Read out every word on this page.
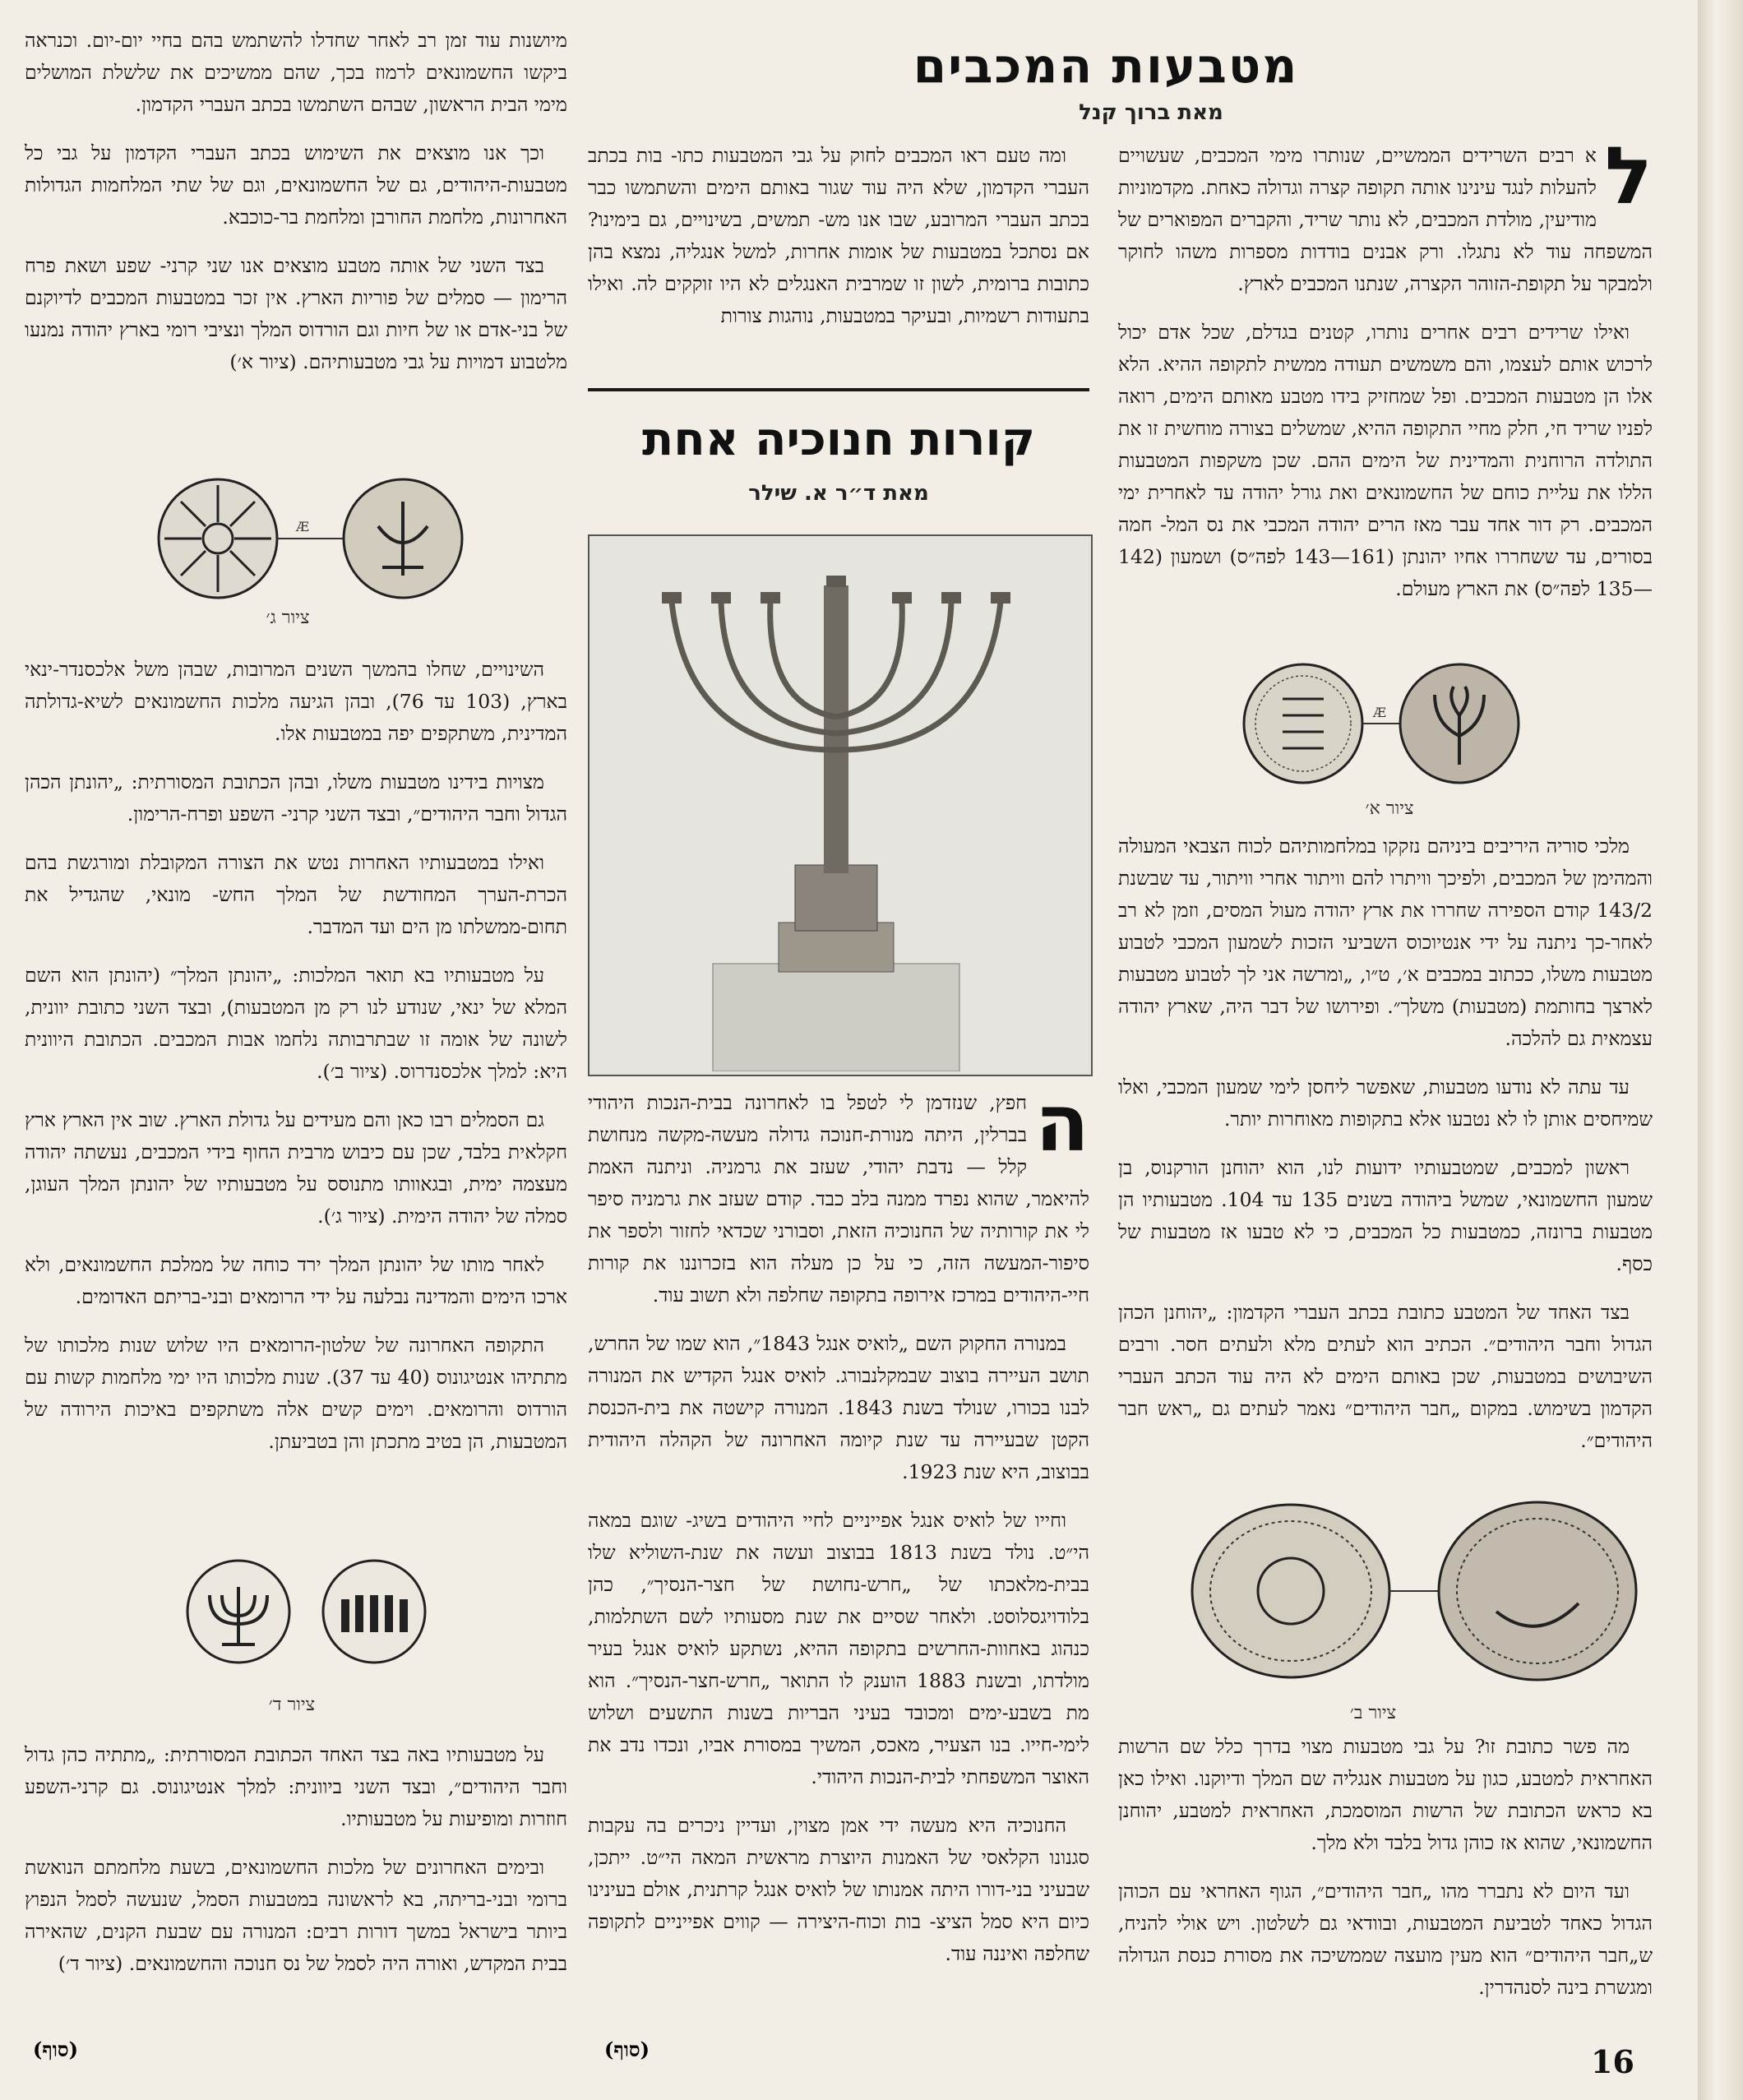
מטבעות המכבים
מאת ברוך קנל

ל
א רבים השרידים הממשיים, שנותרו מימי המכבים, שעשויים להעלות לנגד עינינו אותה תקופה קצרה וגדולה כאחת. מקדמוניות מודיעין, מולדת המכבים, לא נותר שריד, והקברים המפוארים של המשפחה עוד לא נתגלו. ורק אבנים בודדות מספרות משהו לחוקר ולמבקר על תקופת-הזוהר הקצרה, שנתנו המכבים לארץ.

ואילו שרידים רבים אחרים נותרו, קטנים בגדלם, שכל אדם יכול לרכוש אותם לעצמו, והם משמשים תעודה ממשית לתקופה ההיא. הלא אלו הן מטבעות המכבים. ופל שמחזיק בידו מטבע מאותם הימים, רואה לפניו שריד חי, חלק מחיי התקופה ההיא, שמשלים בצורה מוחשית זו את התולדה הרוחנית והמדינית של הימים ההם. שכן משקפות המטבעות הללו את עליית כוחם של החשמונאים ואת גורל יהודה עד לאחרית ימי המכבים. רק דור אחד עבר מאז הרים יהודה המכבי את נס המל- חמה בסורים, עד ששחררו אחיו יהונתן (161—143 לפה״ס) ושמעון (142—135 לפה״ס) את הארץ מעולם.

Æ
ציור א׳

מלכי סוריה היריבים ביניהם נזקקו במלחמותיהם לכוח הצבאי המעולה והמהימן של המכבים, ולפיכך וויתרו להם וויתור אחרי וויתור, עד שבשנת 143/2 קודם הספירה שחררו את ארץ יהודה מעול המסים, וזמן לא רב לאחר-כך ניתנה על ידי אנטיוכוס השביעי הזכות לשמעון המכבי לטבוע מטבעות משלו, ככתוב במכבים א׳, ט״ו, „ומרשה אני לך לטבוע מטבעות לארצך בחותמת (מטבעות) משלך״. ופירושו של דבר היה, שארץ יהודה עצמאית גם להלכה.

עד עתה לא נודעו מטבעות, שאפשר ליחסן לימי שמעון המכבי, ואלו שמיחסים אותן לו לא נטבעו אלא בתקופות מאוחרות יותר.

ראשון למכבים, שמטבעותיו ידועות לנו, הוא יהוחנן הורקנוס, בן שמעון החשמונאי, שמשל ביהודה בשנים 135 עד 104. מטבעותיו הן מטבעות ברונזה, כמטבעות כל המכבים, כי לא טבעו אז מטבעות של כסף.

בצד האחד של המטבע כתובת בכתב העברי הקדמון: „יהוחנן הכהן הגדול וחבר היהודים״. הכתיב הוא לעתים מלא ולעתים חסר. ורבים השיבושים במטבעות, שכן באותם הימים לא היה עוד הכתב העברי הקדמון בשימוש. במקום „חבר היהודים״ נאמר לעתים גם „ראש חבר היהודים״.

ציור ב׳

מה פשר כתובת זו? על גבי מטבעות מצוי בדרך כלל שם הרשות האחראית למטבע, כגון על מטבעות אנגליה שם המלך ודיוקנו. ואילו כאן בא כראש הכתובת של הרשות המוסמכת, האחראית למטבע, יהוחנן החשמונאי, שהוא אז כוהן גדול בלבד ולא מלך.

ועד היום לא נתברר מהו „חבר היהודים״, הגוף האחראי עם הכוהן הגדול כאחד לטביעת המטבעות, ובוודאי גם לשלטון. ויש אולי להניח, ש„חבר היהודים״ הוא מעין מועצה שממשיכה את מסורת כנסת הגדולה ומגשרת בינה לסנהדרין.

ומה טעם ראו המכבים לחוק על גבי המטבעות כתו- בות בכתב העברי הקדמון, שלא היה עוד שגור באותם הימים והשתמשו כבר בכתב העברי המרובע, שבו אנו מש- תמשים, בשינויים, גם בימינו? אם נסתכל במטבעות של אומות אחרות, למשל אנגליה, נמצא בהן כתובות ברומית, לשון זו שמרבית האנגלים לא היו זוקקים לה. ואילו בתעודות רשמיות, ובעיקר במטבעות, נוהגות צורות

קורות חנוכיה אחת
מאת ד״ר א. שילר

ה
חפץ, שנזדמן לי לטפל בו לאחרונה בבית-הנכות היהודי בברלין, היתה מנורת-חנוכה גדולה מעשה-מקשה מנחושת קלל — נדבת יהודי, שעזב את גרמניה. וניתנה האמת להיאמר, שהוא נפרד ממנה בלב כבד. קודם שעזב את גרמניה סיפר לי את קורותיה של החנוכיה הזאת, וסבורני שכדאי לחזור ולספר את סיפור-המעשה הזה, כי על כן מעלה הוא בזכרוננו את קורות חיי-היהודים במרכז אירופה בתקופה שחלפה ולא תשוב עוד.

במנורה החקוק השם „לואיס אנגל 1843״, הוא שמו של החרש, תושב העיירה בוצוב שבמקלנבורג. לואיס אנגל הקדיש את המנורה לבנו בכורו, שנולד בשנת 1843. המנורה קישטה את בית-הכנסת הקטן שבעיירה עד שנת קיומה האחרונה של הקהלה היהודית בבוצוב, היא שנת 1923.

וחייו של לואיס אנגל אפייניים לחיי היהודים בשיג- שוגם במאה הי״ט. נולד בשנת 1813 בבוצוב ועשה את שנת-השוליא שלו בבית-מלאכתו של „חרש-נחושת של חצר-הנסיך״, כהן בלודויגסלוסט. ולאחר שסיים את שנת מסעותיו לשם השתלמות, כנהוג באחוות-החרשים בתקופה ההיא, נשתקע לואיס אנגל בעיר מולדתו, ובשנת 1883 הוענק לו התואר „חרש-חצר-הנסיך״. הוא מת בשבע-ימים ומכובד בעיני הבריות בשנות התשעים ושלוש לימי-חייו. בנו הצעיר, מאכס, המשיך במסורת אביו, ונכדו נדב את האוצר המשפחתי לבית-הנכות היהודי.

החנוכיה היא מעשה ידי אמן מצוין, ועדיין ניכרים בה עקבות סגנונו הקלאסי של האמנות היוצרת מראשית המאה הי״ט. ייתכן, שבעיני בני-דורו היתה אמנותו של לואיס אנגל קרתנית, אולם בעינינו כיום היא סמל הציצ- בות וכוח-היצירה — קווים אפייניים לתקופה שחלפה ואיננה עוד.

(סוף)

מיושנות עוד זמן רב לאחר שחדלו להשתמש בהם בחיי יום-יום. וכנראה ביקשו החשמונאים לרמוז בכך, שהם ממשיכים את שלשלת המושלים מימי הבית הראשון, שבהם השתמשו בכתב העברי הקדמון.

וכך אנו מוצאים את השימוש בכתב העברי הקדמון על גבי כל מטבעות-היהודים, גם של החשמונאים, וגם של שתי המלחמות הגדולות האחרונות, מלחמת החורבן ומלחמת בר-כוכבא.

בצד השני של אותה מטבע מוצאים אנו שני קרני- שפע ושאת פרח הרימון — סמלים של פוריות הארץ. אין זכר במטבעות המכבים לדיוקנם של בני-אדם או של חיות וגם הורדוס המלך ונציבי רומי בארץ יהודה נמנעו מלטבוע דמויות על גבי מטבעותיהם. (ציור א׳)

Æ
ציור ג׳

השינויים, שחלו בהמשך השנים המרובות, שבהן משל אלכסנדר-ינאי בארץ, (103 עד 76), ובהן הגיעה מלכות החשמונאים לשיא-גדולתה המדינית, משתקפים יפה במטבעות אלו.

מצויות בידינו מטבעות משלו, ובהן הכתובת המסורתית: „יהונתן הכהן הגדול וחבר היהודים״, ובצד השני קרני- השפע ופרח-הרימון.

ואילו במטבעותיו האחרות נטש את הצורה המקובלת ומורגשת בהם הכרת-הערך המחודשת של המלך החש- מונאי, שהגדיל את תחום-ממשלתו מן הים ועד המדבר.

על מטבעותיו בא תואר המלכות: „יהונתן המלך״ (יהונתן הוא השם המלא של ינאי, שנודע לנו רק מן המטבעות), ובצד השני כתובת יוונית, לשונה של אומה זו שבתרבותה נלחמו אבות המכבים. הכתובת היוונית היא: למלך אלכסנדרוס. (ציור ב׳).

גם הסמלים רבו כאן והם מעידים על גדולת הארץ. שוב אין הארץ ארץ חקלאית בלבד, שכן עם כיבוש מרבית החוף בידי המכבים, נעשתה יהודה מעצמה ימית, ובגאוותו מתנוסס על מטבעותיו של יהונתן המלך העוגן, סמלה של יהודה הימית. (ציור ג׳).

לאחר מותו של יהונתן המלך ירד כוחה של ממלכת החשמונאים, ולא ארכו הימים והמדינה נבלעה על ידי הרומאים ובני-בריתם האדומים.

התקופה האחרונה של שלטון-הרומאים היו שלוש שנות מלכותו של מתתיהו אנטיגונוס (40 עד 37). שנות מלכותו היו ימי מלחמות קשות עם הורדוס והרומאים. וימים קשים אלה משתקפים באיכות הירודה של המטבעות, הן בטיב מתכתן והן בטביעתן.

ציור ד׳

על מטבעותיו באה בצד האחד הכתובת המסורתית: „מתתיה כהן גדול וחבר היהודים״, ובצד השני ביוונית: למלך אנטיגונוס. גם קרני-השפע חוזרות ומופיעות על מטבעותיו.

ובימים האחרונים של מלכות החשמונאים, בשעת מלחמתם הנואשת ברומי ובני-בריתה, בא לראשונה במטבעות הסמל, שנעשה לסמל הנפוץ ביותר בישראל במשך דורות רבים: המנורה עם שבעת הקנים, שהאירה בבית המקדש, ואורה היה לסמל של נס חנוכה והחשמונאים. (ציור ד׳)

(סוף)	16
